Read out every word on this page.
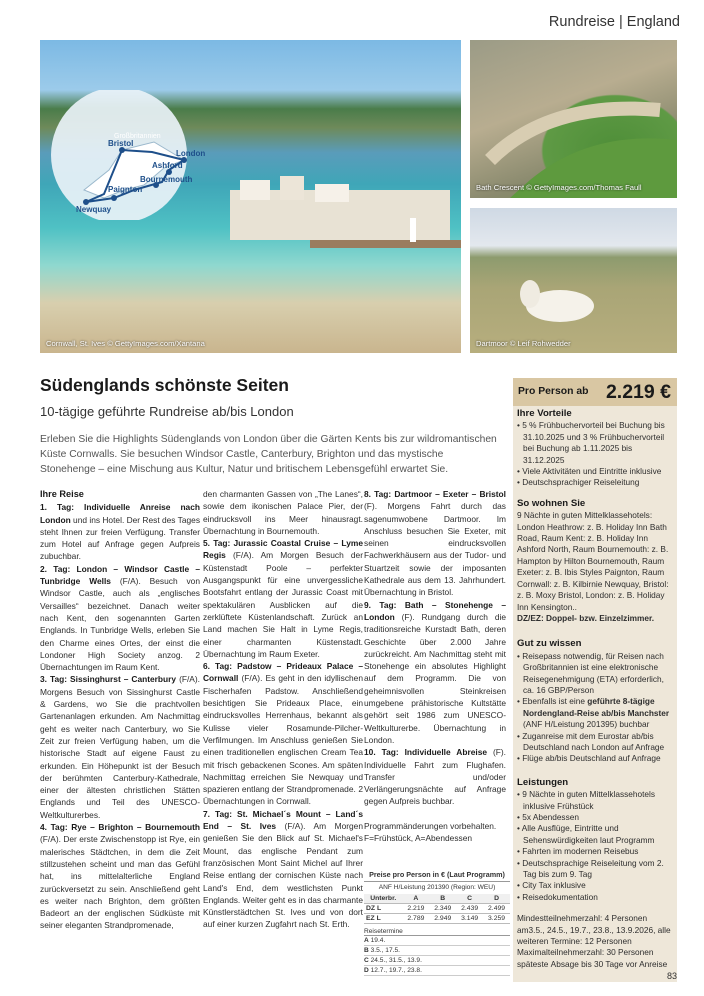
Rundreise | England
Großbritannien
Bristol
London
Ashford
Bournemouth
Paignton
Newquay
Cornwall, St. Ives © GettyImages.com/Xantana
Bath Crescent © GettyImages.com/Thomas Faull
Dartmoor © Leif Rohwedder
Südenglands schönste Seiten
10-tägige geführte Rundreise ab/bis London
Erleben Sie die Highlights Südenglands von London über die Gärten Kents bis zur wildromantischen Küste Cornwalls. Sie besuchen Windsor Castle, Canterbury, Brighton und das mystische Stonehenge – eine Mischung aus Kultur, Natur und britischem Lebensgefühl erwartet Sie.
Ihre Reise
1. Tag: Individuelle Anreise nach London und ins Hotel. Der Rest des Tages steht Ihnen zur freien Verfügung. Transfer zum Hotel auf Anfrage gegen Aufpreis zubuchbar.
2. Tag: London – Windsor Castle – Tunbridge Wells (F/A). Besuch von Windsor Castle, auch als „englisches Versailles“ bezeichnet. Danach weiter nach Kent, den sogenannten Garten Englands. In Tunbridge Wells, erleben Sie den Charme eines Ortes, der einst die Londoner High Society anzog. 2 Übernachtungen im Raum Kent.
3. Tag: Sissinghurst – Canterbury (F/A). Morgens Besuch von Sissinghurst Castle & Gardens, wo Sie die prachtvollen Gartenanlagen erkunden. Am Nachmittag geht es weiter nach Canterbury, wo Sie Zeit zur freien Verfügung haben, um die historische Stadt auf eigene Faust zu erkunden. Ein Höhepunkt ist der Besuch der berühmten Canterbury-Kathedrale, einer der ältesten christlichen Stätten Englands und Teil des UNESCO-Weltkulturerbes.
4. Tag: Rye – Brighton – Bournemouth (F/A). Der erste Zwischenstopp ist Rye, ein malerisches Städtchen, in dem die Zeit stillzustehen scheint und man das Gefühl hat, ins mittelalterliche England zurückversetzt zu sein. Anschließend geht es weiter nach Brighton, dem größten Badeort an der englischen Südküste mit seiner eleganten Strandpromenade,
den charmanten Gassen von „The Lanes“, sowie dem ikonischen Palace Pier, der eindrucksvoll ins Meer hinausragt. Übernachtung in Bournemouth.
5. Tag: Jurassic Coastal Cruise – Lyme Regis (F/A). Am Morgen Besuch der Küstenstadt Poole – perfekter Ausgangspunkt für eine unvergessliche Bootsfahrt entlang der Jurassic Coast mit spektakulären Ausblicken auf die zerklüftete Küstenlandschaft. Zurück an Land machen Sie Halt in Lyme Regis, einer charmanten Küstenstadt. Übernachtung im Raum Exeter.
6. Tag: Padstow – Prideaux Palace – Cornwall (F/A). Es geht in den idyllischen Fischerhafen Padstow. Anschließend besichtigen Sie Prideaux Place, ein eindrucksvolles Herrenhaus, bekannt als Kulisse vieler Rosamunde-Pilcher-Verfilmungen. Im Anschluss genießen Sie einen traditionellen englischen Cream Tea mit frisch gebackenen Scones. Am späten Nachmittag erreichen Sie Newquay und spazieren entlang der Strandpromenade. 2 Übernachtungen in Cornwall.
7. Tag: St. Michael´s Mount – Land´s End – St. Ives (F/A). Am Morgen genießen Sie den Blick auf St. Michael's Mount, das englische Pendant zum französischen Mont Saint Michel auf Ihrer Reise entlang der cornischen Küste nach Land's End, dem westlichsten Punkt Englands. Weiter geht es in das charmante Künstlerstädtchen St. Ives und von dort auf einer kurzen Zugfahrt nach St. Erth.
8. Tag: Dartmoor – Exeter – Bristol (F). Morgens Fahrt durch das sagenumwobene Dartmoor. Im Anschluss besuchen Sie Exeter, mit seinen eindrucksvollen Fachwerkhäusern aus der Tudor- und Stuartzeit sowie der imposanten Kathedrale aus dem 13. Jahrhundert. Übernachtung in Bristol.
9. Tag: Bath – Stonehenge – London (F). Rundgang durch die traditionsreiche Kurstadt Bath, deren Geschichte über 2.000 Jahre zurückreicht. Am Nachmittag steht mit Stonehenge ein absolutes Highlight auf dem Programm. Die von geheimnisvollen Steinkreisen umgebene prähistorische Kultstätte gehört seit 1986 zum UNESCO-Weltkulturerbe. Übernachtung in London.
10. Tag: Individuelle Abreise (F). Individuelle Fahrt zum Flughafen. Transfer und/oder Verlängerungsnächte auf Anfrage gegen Aufpreis buchbar.
Programmänderungen vorbehalten.
F=Frühstück, A=Abendessen
Preise pro Person in € (Laut Programm)
ANF H/Leistung 201390 (Region: WEU)
Unterbr.	A	B	C	D
DZ L	2.219	2.349	2.439	2.499
EZ L	2.789	2.949	3.149	3.259
Reisetermine
A 19.4.
B 3.5., 17.5.
C 24.5., 31.5., 13.9.
D 12.7., 19.7., 23.8.
Pro Person ab 2.219 €
Ihre Vorteile
• 5 % Frühbuchervorteil bei Buchung bis 31.10.2025 und 3 % Frühbuchervorteil bei Buchung ab 1.11.2025 bis 31.12.2025
• Viele Aktivitäten und Eintritte inklusive
• Deutschsprachiger Reiseleitung
So wohnen Sie

9 Nächte in guten Mittelklassehotels: London Heathrow: z. B. Holiday Inn Bath Road, Raum Kent: z. B. Holiday Inn Ashford North, Raum Bournemouth: z. B. Hampton by Hilton Bournemouth, Raum Exeter: z. B. Ibis Styles Paignton, Raum Cornwall: z. B. Kilbirnie Newquay, Bristol: z. B. Moxy Bristol, London: z. B. Holiday Inn Kensington..

DZ/EZ: Doppel- bzw. Einzelzimmer.

Gut zu wissen
• Reisepass notwendig, für Reisen nach Großbritannien ist eine elektronische Reisegenehmigung (ETA) erforderlich, ca. 16 GBP/Person
• Ebenfalls ist eine geführte 8-tägige Nordengland-Reise ab/bis Manchster (ANF H/Leistung 201395) buchbar
• Zuganreise mit dem Eurostar ab/bis Deutschland nach London auf Anfrage
• Flüge ab/bis Deutschland auf Anfrage
Leistungen
• 9 Nächte in guten Mittelklassehotels inklusive Frühstück
• 5x Abendessen
• Alle Ausflüge, Eintritte und Sehenswürdigkeiten laut Programm
• Fahrten im modernen Reisebus
• Deutschsprachige Reiseleitung vom 2. Tag bis zum 9. Tag
• City Tax inklusive
• Reisedokumentation

Mindestteilnehmerzahl: 4 Personen am3.5., 24.5., 19.7., 23.8., 13.9.2026, alle weiteren Termine: 12 Personen Maximalteilnehmerzahl: 30 Personen spätestе Absage bis 30 Tage vor Anreise

83
